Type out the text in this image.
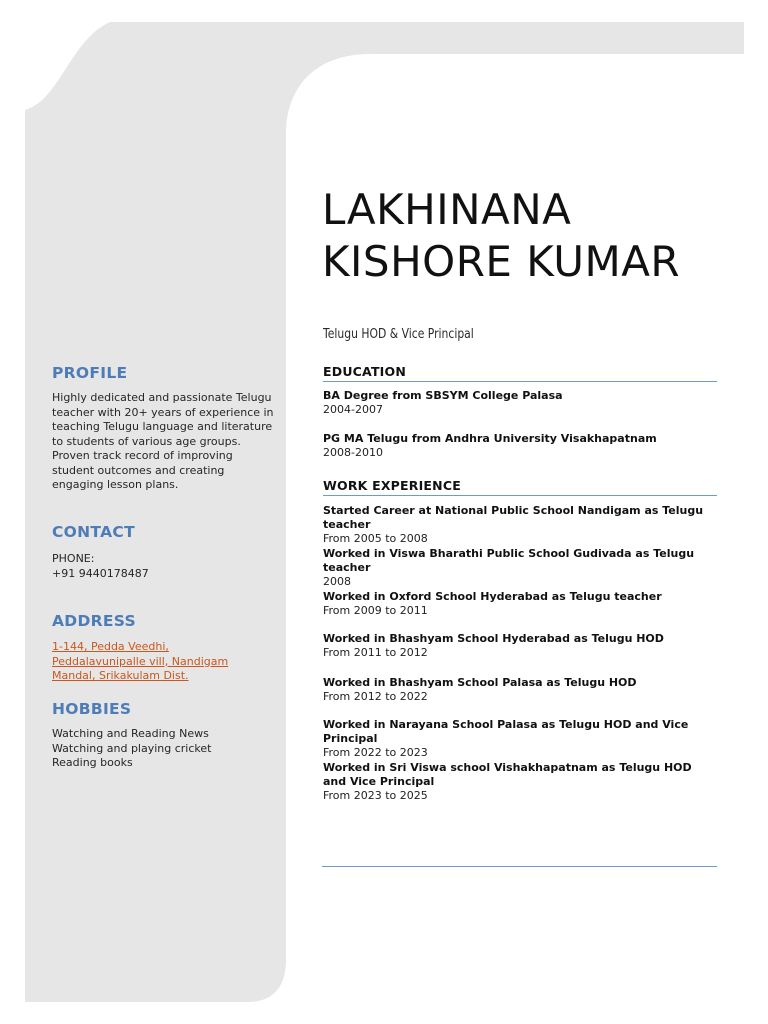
PROFILE

Highly dedicated and passionate Telugu teacher with 20+ years of experience in teaching Telugu language and literature to students of various age groups. Proven track record of improving student outcomes and creating engaging lesson plans.

CONTACT

PHONE:

+91 9440178487

ADDRESS
1-144, Pedda Veedhi,
Peddalavunipalle vill, Nandigam
Mandal, Srikakulam Dist.
HOBBIES
Watching and Reading News
Watching and playing cricket
Reading books
LAKHINANA
KISHORE KUMAR

Telugu HOD & Vice Principal

EDUCATION

BA Degree from SBSYM College Palasa

2004-2007

PG MA Telugu from Andhra University Visakhapatnam

2008-2010

WORK EXPERIENCE

Started Career at National Public School Nandigam as Telugu teacher

From 2005 to 2008

Worked in Viswa Bharathi Public School Gudivada as Telugu teacher

2008

Worked in Oxford School Hyderabad as Telugu teacher

From 2009 to 2011

Worked in Bhashyam School Hyderabad as Telugu HOD

From 2011 to 2012

Worked in Bhashyam School Palasa as Telugu HOD

From 2012 to 2022

Worked in Narayana School Palasa as Telugu HOD and Vice Principal

From 2022 to 2023

Worked in Sri Viswa school Vishakhapatnam as Telugu HOD and Vice Principal

From 2023 to 2025
